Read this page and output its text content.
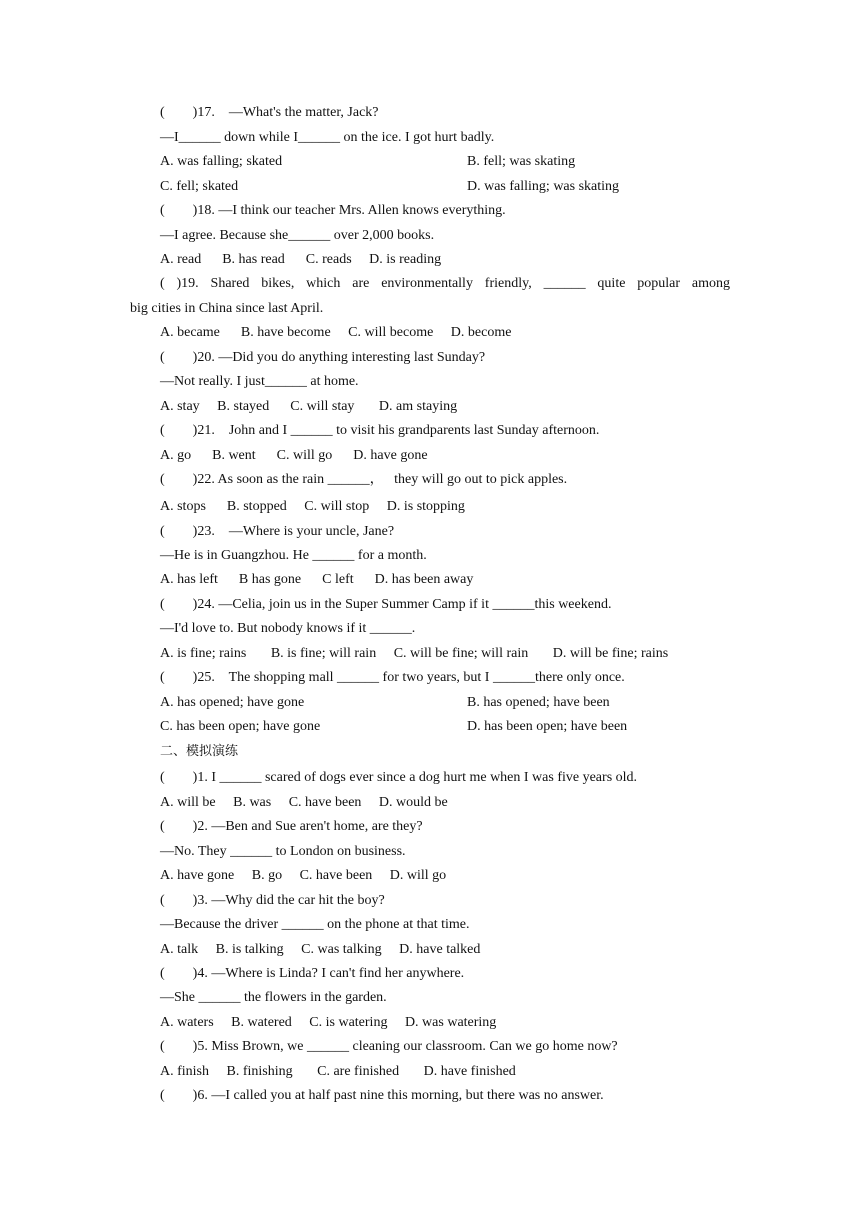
(        )17.    —What's the matter, Jack?
—I______ down while I______ on the ice. I got hurt badly.
A. was falling; skated	B. fell; was skating
C. fell; skated	D. was falling; was skating
(        )18. —I think our teacher Mrs. Allen knows everything.
—I agree. Because she______ over 2,000 books.
A. read      B. has read      C. reads     D. is reading
( )19. Shared bikes, which are environmentally friendly, ______ quite popular among
big cities in China since last April.
A. became      B. have become     C. will become     D. become
(        )20. —Did you do anything interesting last Sunday?
—Not really. I just______ at home.
A. stay     B. stayed      C. will stay       D. am staying
(        )21.    John and I ______ to visit his grandparents last Sunday afternoon.
A. go      B. went      C. will go      D. have gone
(        )22. As soon as the rain ______，   they will go out to pick apples.
A. stops      B. stopped     C. will stop     D. is stopping
(        )23.    —Where is your uncle, Jane?
—He is in Guangzhou. He ______ for a month.
A. has left      B has gone      C left      D. has been away
(        )24. —Celia, join us in the Super Summer Camp if it ______this weekend.
—I'd love to. But nobody knows if it ______.
A. is fine; rains       B. is fine; will rain     C. will be fine; will rain       D. will be fine; rains
(        )25.    The shopping mall ______ for two years, but I ______there only once.
A. has opened; have gone	B. has opened; have been
C. has been open; have gone	D. has been open; have been
二、模拟演练
(        )1. I ______ scared of dogs ever since a dog hurt me when I was five years old.
A. will be     B. was     C. have been     D. would be
(        )2. —Ben and Sue aren't home, are they?
—No. They ______ to London on business.
A. have gone     B. go     C. have been     D. will go
(        )3. —Why did the car hit the boy?
—Because the driver ______ on the phone at that time.
A. talk     B. is talking     C. was talking     D. have talked
(        )4. —Where is Linda? I can't find her anywhere.
—She ______ the flowers in the garden.
A. waters     B. watered     C. is watering     D. was watering
(        )5. Miss Brown, we ______ cleaning our classroom. Can we go home now?
A. finish     B. finishing       C. are finished       D. have finished
(        )6. —I called you at half past nine this morning, but there was no answer.
